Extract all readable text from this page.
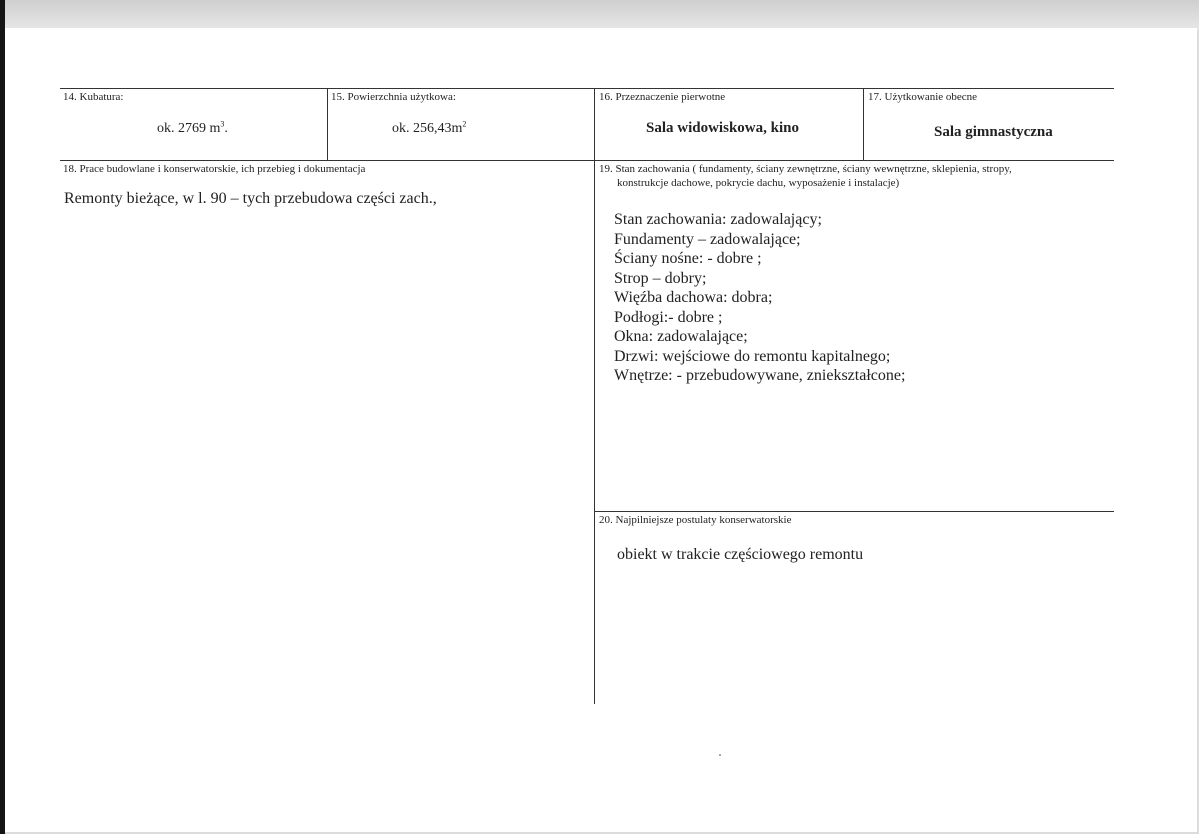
14. Kubatura:
ok. 2769 $m^3$.
15. Powierzchnia użytkowa:
ok. $256,43m^2$
16. Przeznaczenie pierwotne
Sala widowiskowa, kino
17. Użytkowanie obecne
Sala gimnastyczna
18. Prace budowlane i konserwatorskie, ich przebieg i dokumentacja
Remonty bieżące, w l. 90 – tych przebudowa części zach.,
19. Stan zachowania ( fundamenty, ściany zewnętrzne, ściany wewnętrzne, sklepienia, stropy,
konstrukcje dachowe, pokrycie dachu, wyposażenie i instalacje)
Stan zachowania: zadowalający;
Fundamenty – zadowalające;
Ściany nośne: - dobre ;
Strop – dobry;
Więźba dachowa: dobra;
Podłogi:- dobre ;
Okna: zadowalające;
Drzwi: wejściowe do remontu kapitalnego;
Wnętrze: - przebudowywane, zniekształcone;
20. Najpilniejsze postulaty konserwatorskie
obiekt w trakcie częściowego remontu
